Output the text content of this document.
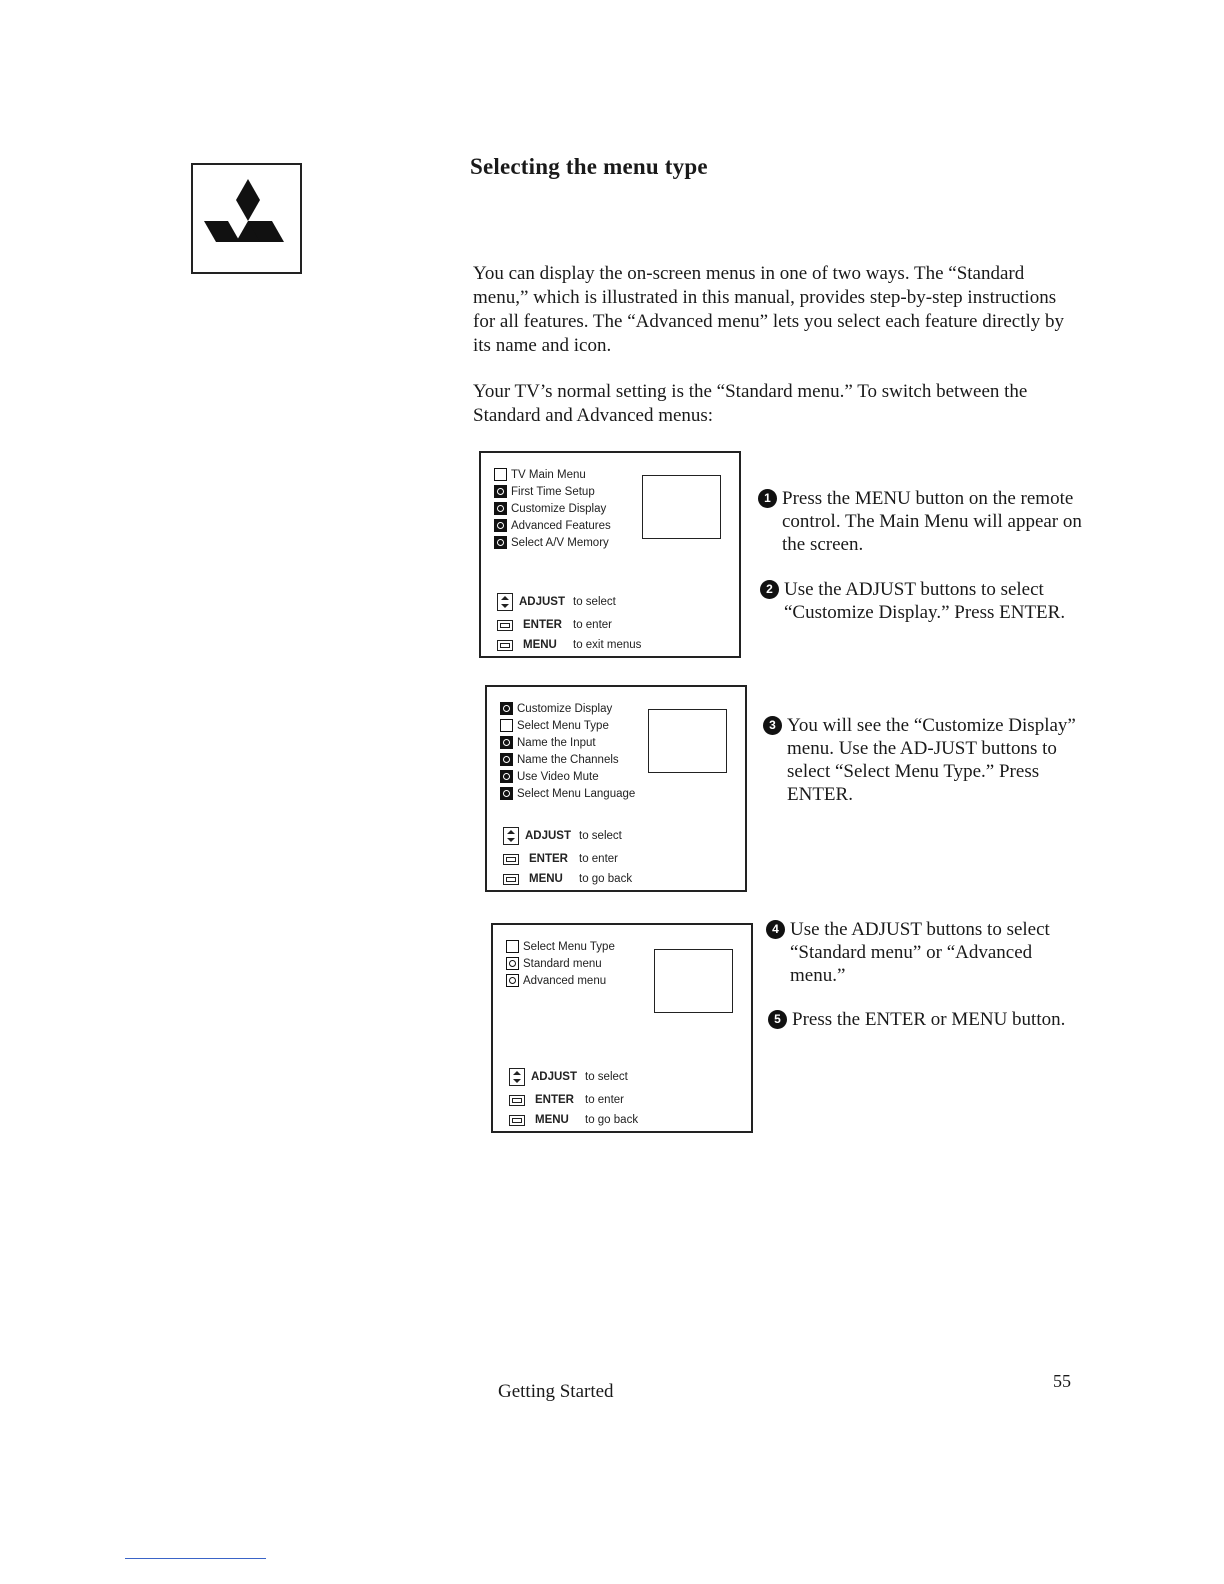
Selecting the menu type

You can display the on-screen menus in one of two ways. The “Standard menu,” which is illustrated in this manual, provides step-by-step instructions for all features. The “Advanced menu” lets you select each feature directly by its name and icon.

Your TV’s normal setting is the “Standard menu.” To switch between the Standard and Advanced menus:

TV Main Menu
First Time Setup
Customize Display
Advanced Features
Select A/V Memory
ADJUST to select
ENTER to enter
MENU	to exit menus
Customize Display
Select Menu Type
Name the Input
Name the Channels
Use Video Mute
Select Menu Language
ADJUST to select
ENTER to enter
MENU	to go back
Select Menu Type
Standard menu
Advanced menu
ADJUST to select
ENTER to enter
MENU	to go back

1 Press the MENU button on the remote control. The Main Menu will appear on the screen.

2 Use the ADJUST buttons to select “Customize Display.” Press ENTER.

3 You will see the “Customize Display” menu. Use the AD-JUST buttons to select “Select Menu Type.” Press ENTER.

4 Use the ADJUST buttons to select “Standard menu” or “Advanced menu.”

5 Press the ENTER or MENU button.

Getting Started	55
